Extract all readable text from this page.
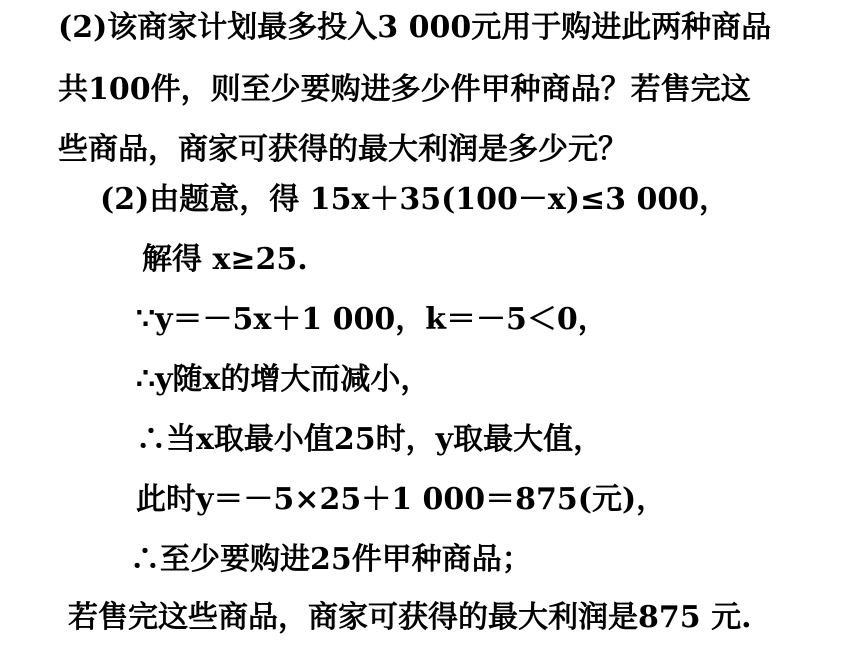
(2)该商家计划最多投入3 000元用于购进此两种商品
共100件，则至少要购进多少件甲种商品？若售完这
些商品，商家可获得的最大利润是多少元？
(2)由题意，得 15x＋35(100－x)≤3 000，
解得 x≥25.
∵y＝－5x＋1 000，k＝－5＜0，
∴y随x的增大而减小，
∴当x取最小值25时，y取最大值，
此时y＝－5×25＋1 000＝875(元)，
∴至少要购进25件甲种商品；
若售完这些商品，商家可获得的最大利润是875 元.
